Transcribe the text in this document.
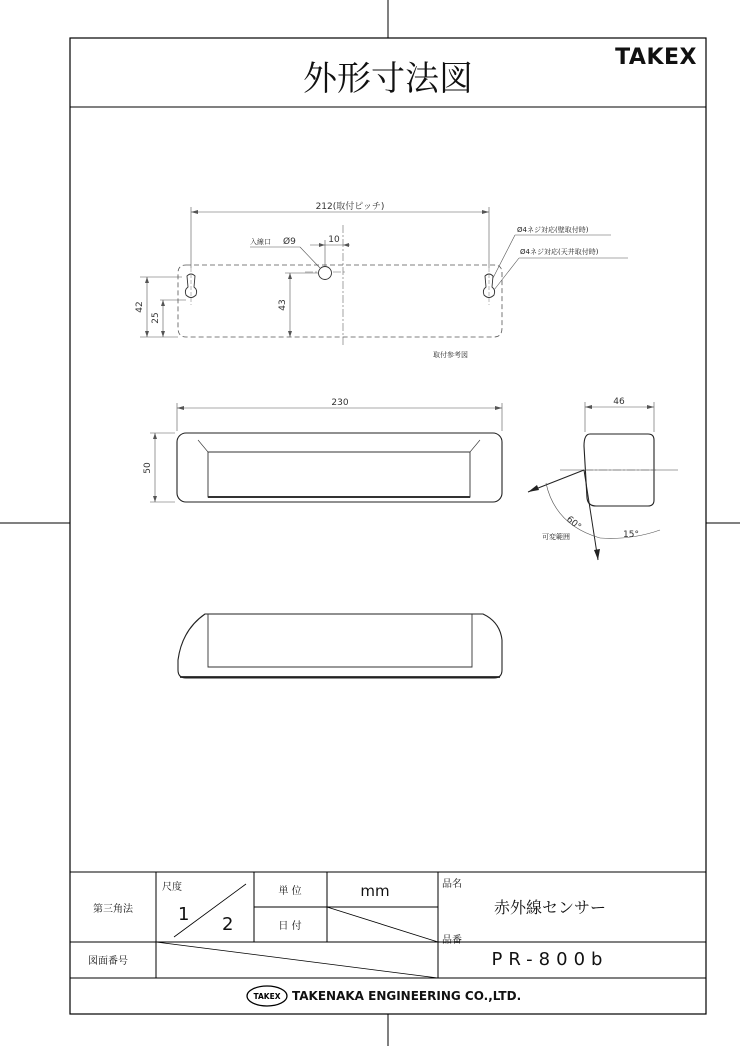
外形寸法図
TAKEX
212(取付ピッチ)
10
入線口 Ø9
Ø4ネジ対応(壁取付時)
Ø4ネジ対応(天井取付時)
42
25
43
取付参考図
230
50
46
60°
15°
可変範囲
第三角法
尺度
1 2
単 位	mm
日 付
品名
赤外線センサー
品番
PR-800b
図面番号
TAKEX TAKENAKA ENGINEERING CO.,LTD.
